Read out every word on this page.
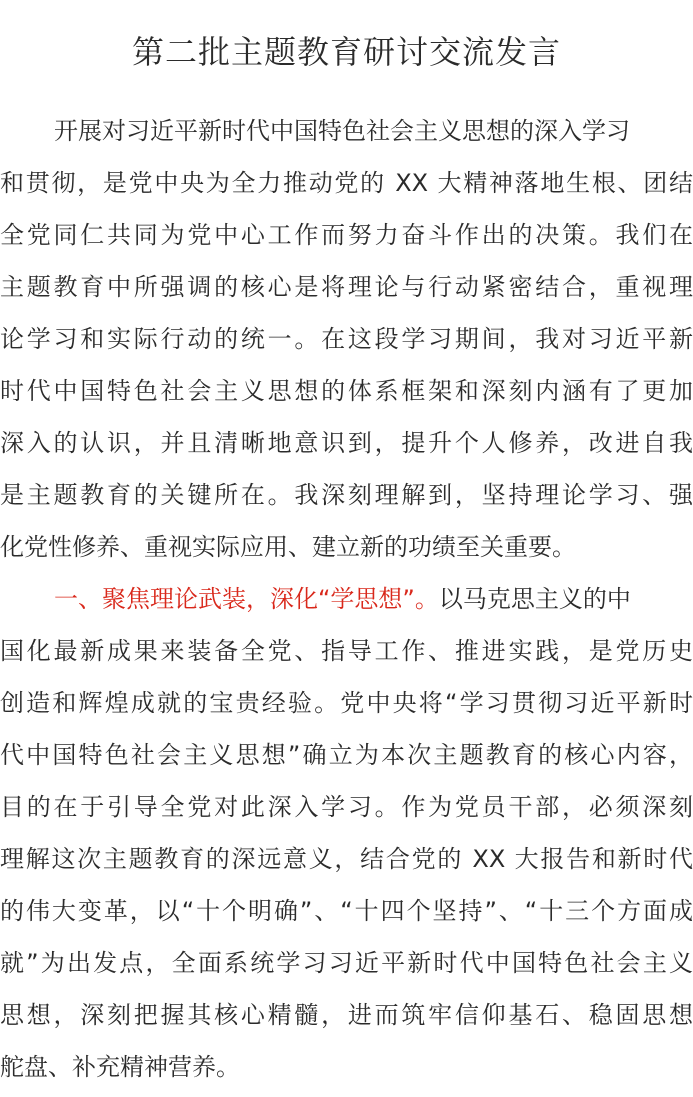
第二批主题教育研讨交流发言
开展对习近平新时代中国特色社会主义思想的深入学习
和贯彻，是党中央为全力推动党的 XX 大精神落地生根、团结
全党同仁共同为党中心工作而努力奋斗作出的决策。我们在
主题教育中所强调的核心是将理论与行动紧密结合，重视理
论学习和实际行动的统一。在这段学习期间，我对习近平新
时代中国特色社会主义思想的体系框架和深刻内涵有了更加
深入的认识，并且清晰地意识到，提升个人修养，改进自我
是主题教育的关键所在。我深刻理解到，坚持理论学习、强
化党性修养、重视实际应用、建立新的功绩至关重要。
一、聚焦理论武装，深化“学思想”。以马克思主义的中
国化最新成果来装备全党、指导工作、推进实践，是党历史
创造和辉煌成就的宝贵经验。党中央将“学习贯彻习近平新时
代中国特色社会主义思想”确立为本次主题教育的核心内容，
目的在于引导全党对此深入学习。作为党员干部，必须深刻
理解这次主题教育的深远意义，结合党的 XX 大报告和新时代
的伟大变革，以“十个明确”、“十四个坚持”、“十三个方面成
就”为出发点，全面系统学习习近平新时代中国特色社会主义
思想，深刻把握其核心精髓，进而筑牢信仰基石、稳固思想
舵盘、补充精神营养。
